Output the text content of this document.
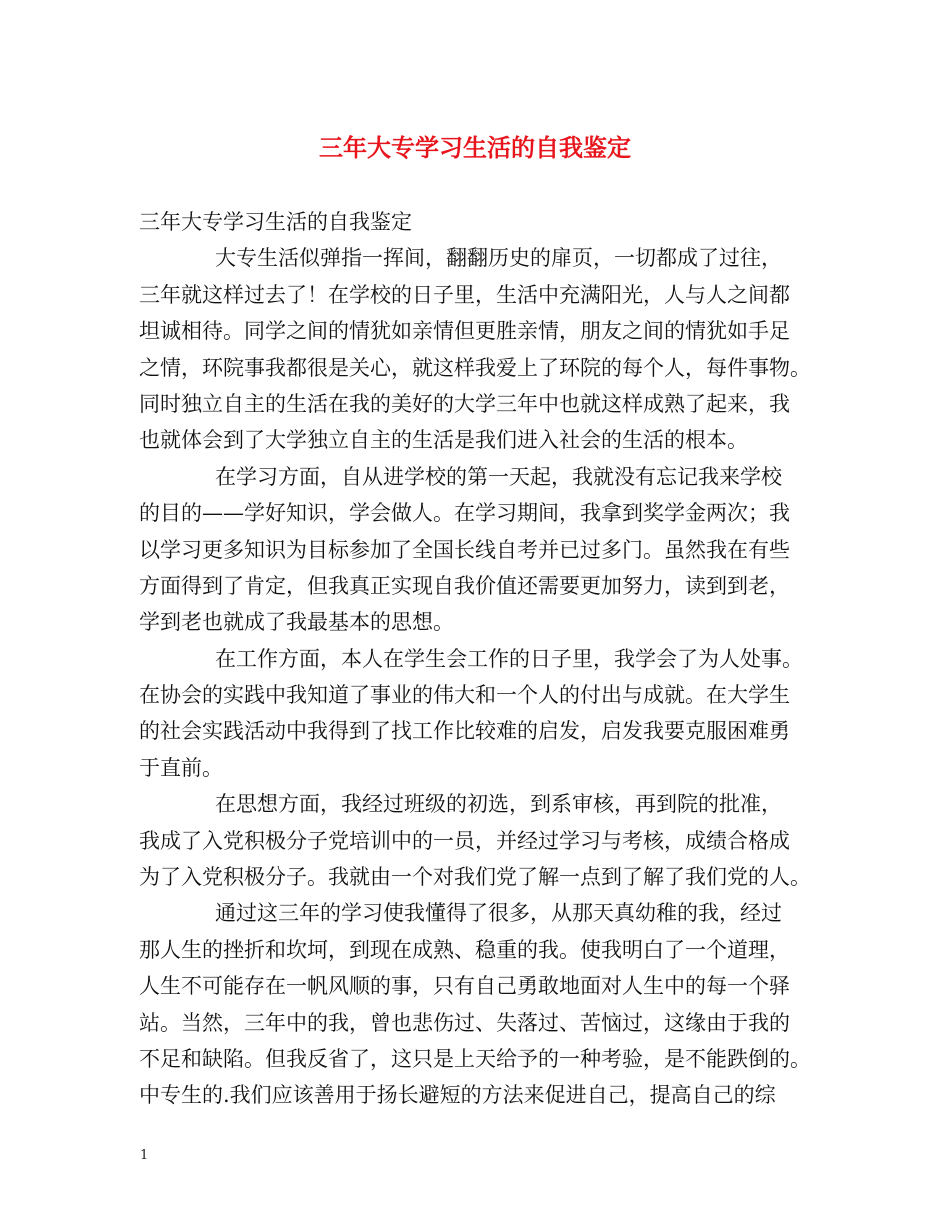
三年大专学习生活的自我鉴定
三年大专学习生活的自我鉴定
大专生活似弹指一挥间，翻翻历史的扉页，一切都成了过往，
三年就这样过去了！在学校的日子里，生活中充满阳光，人与人之间都
坦诚相待。同学之间的情犹如亲情但更胜亲情，朋友之间的情犹如手足
之情，环院事我都很是关心，就这样我爱上了环院的每个人，每件事物。
同时独立自主的生活在我的美好的大学三年中也就这样成熟了起来，我
也就体会到了大学独立自主的生活是我们进入社会的生活的根本。
在学习方面，自从进学校的第一天起，我就没有忘记我来学校
的目的——学好知识，学会做人。在学习期间，我拿到奖学金两次；我
以学习更多知识为目标参加了全国长线自考并已过多门。虽然我在有些
方面得到了肯定，但我真正实现自我价值还需要更加努力，读到到老，
学到老也就成了我最基本的思想。
在工作方面，本人在学生会工作的日子里，我学会了为人处事。
在协会的实践中我知道了事业的伟大和一个人的付出与成就。在大学生
的社会实践活动中我得到了找工作比较难的启发，启发我要克服困难勇
于直前。
在思想方面，我经过班级的初选，到系审核，再到院的批准，
我成了入党积极分子党培训中的一员，并经过学习与考核，成绩合格成
为了入党积极分子。我就由一个对我们党了解一点到了解了我们党的人。
通过这三年的学习使我懂得了很多，从那天真幼稚的我，经过
那人生的挫折和坎坷，到现在成熟、稳重的我。使我明白了一个道理，
人生不可能存在一帆风顺的事，只有自己勇敢地面对人生中的每一个驿
站。当然，三年中的我，曾也悲伤过、失落过、苦恼过，这缘由于我的
不足和缺陷。但我反省了，这只是上天给予的一种考验，是不能跌倒的。
中专生的.我们应该善用于扬长避短的方法来促进自己，提高自己的综
1
